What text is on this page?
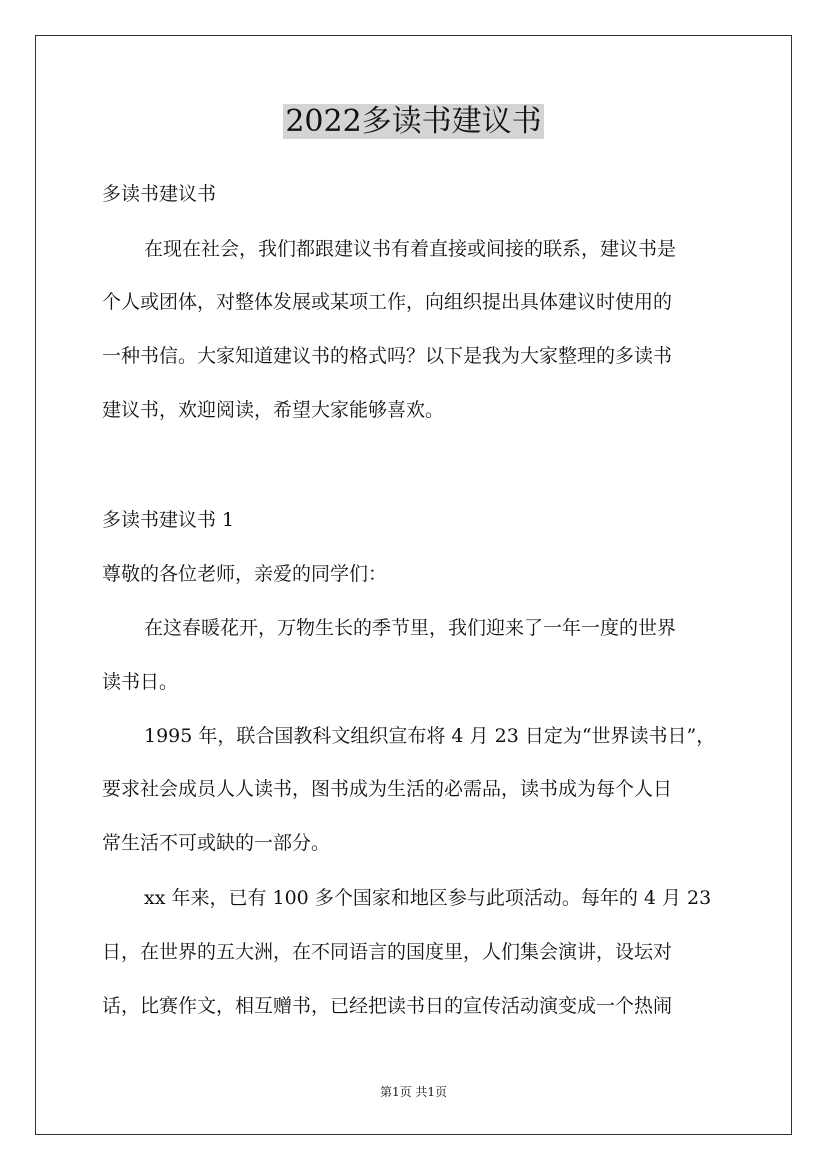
2022多读书建议书
多读书建议书
在现在社会，我们都跟建议书有着直接或间接的联系，建议书是
个人或团体，对整体发展或某项工作，向组织提出具体建议时使用的
一种书信。大家知道建议书的格式吗？以下是我为大家整理的多读书
建议书，欢迎阅读，希望大家能够喜欢。
多读书建议书 1
尊敬的各位老师，亲爱的同学们：
在这春暖花开，万物生长的季节里，我们迎来了一年一度的世界
读书日。
1995 年，联合国教科文组织宣布将 4 月 23 日定为“世界读书日”，
要求社会成员人人读书，图书成为生活的必需品，读书成为每个人日
常生活不可或缺的一部分。
xx 年来，已有 100 多个国家和地区参与此项活动。每年的 4 月 23
日，在世界的五大洲，在不同语言的国度里，人们集会演讲，设坛对
话，比赛作文，相互赠书，已经把读书日的宣传活动演变成一个热闹
第1页 共1页
